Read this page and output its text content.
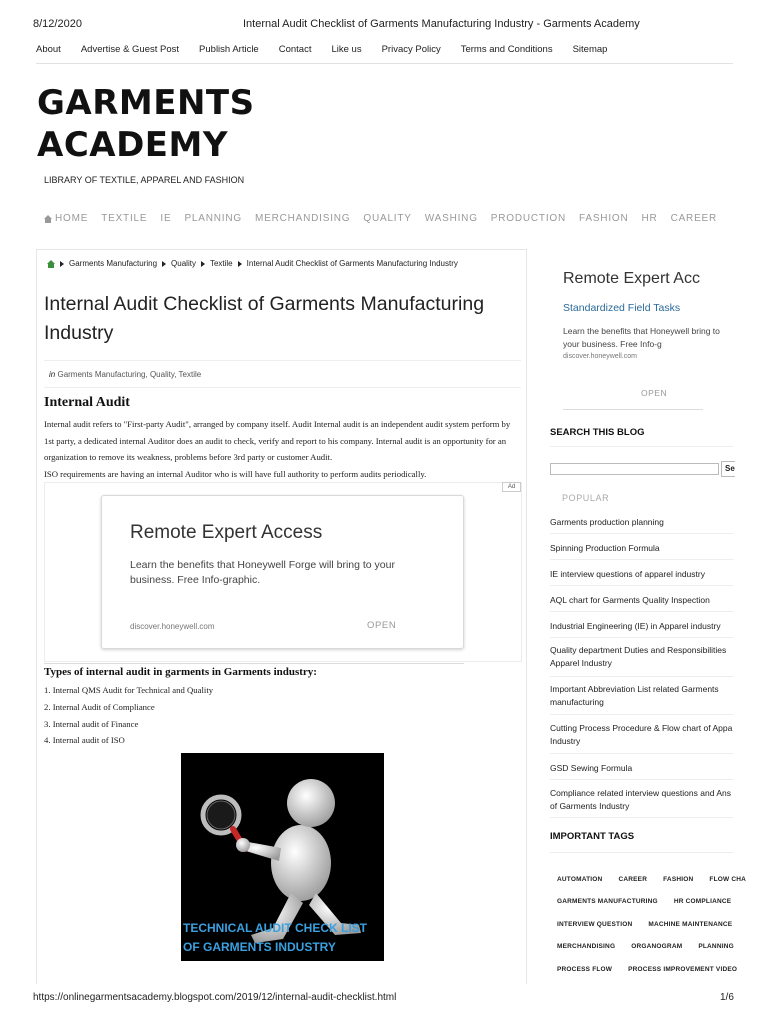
8/12/2020	Internal Audit Checklist of Garments Manufacturing Industry - Garments Academy
https://onlinegarmentsacademy.blogspot.com/2019/12/internal-audit-checklist.html	1/6
About Advertise & Guest Post Publish Article Contact Like us Privacy Policy Terms and Conditions Sitemap
GARMENTS
ACADEMY
LIBRARY OF TEXTILE, APPAREL AND FASHION
HOME TEXTILE IE PLANNING MERCHANDISING QUALITY WASHING PRODUCTION FASHION HR CAREER
Garments Manufacturing Quality Textile Internal Audit Checklist of Garments Manufacturing Industry
Internal Audit Checklist of Garments Manufacturing Industry
in Garments Manufacturing, Quality, Textile
Internal Audit

Internal audit refers to "First-party Audit", arranged by company itself. Audit Internal audit is an independent audit system perform by 1st party, a dedicated internal Auditor does an audit to check, verify and report to his company. Internal audit is an opportunity for an organization to remove its weakness, problems before 3rd party or customer Audit.

ISO requirements are having an internal Auditor who is will have full authority to perform audits periodically.

Ad
Remote Expert Access
Learn the benefits that Honeywell Forge will bring to your business. Free Info-graphic.
discover.honeywell.com	OPEN
Types of internal audit in garments in Garments industry:
1. Internal QMS Audit for Technical and Quality
2. Internal Audit of Compliance
3. Internal audit of Finance
4. Internal audit of ISO
TECHNICAL AUDIT CHECK LIST OF GARMENTS INDUSTRY
Remote Expert Acc
Standardized Field Tasks
Learn the benefits that Honeywell bring to your business. Free Info-g
discover.honeywell.com
OPEN
SEARCH THIS BLOG
Se
POPULAR
Garments production planning
Spinning Production Formula
IE interview questions of apparel industry
AQL chart for Garments Quality Inspection
Industrial Engineering (IE) in Apparel industry
Quality department Duties and Responsibilities
Apparel Industry
Important Abbreviation List related Garments
manufacturing
Cutting Process Procedure & Flow chart of Appa
Industry
GSD Sewing Formula
Compliance related interview questions and Ans
of Garments Industry
IMPORTANT TAGS
AUTOMATION CAREER FASHION FLOW CHA
GARMENTS MANUFACTURING HR COMPLIANCE
INTERVIEW QUESTION MACHINE MAINTENANCE
MERCHANDISING ORGANOGRAM PLANNING
PROCESS FLOW PROCESS IMPROVEMENT VIDEO
